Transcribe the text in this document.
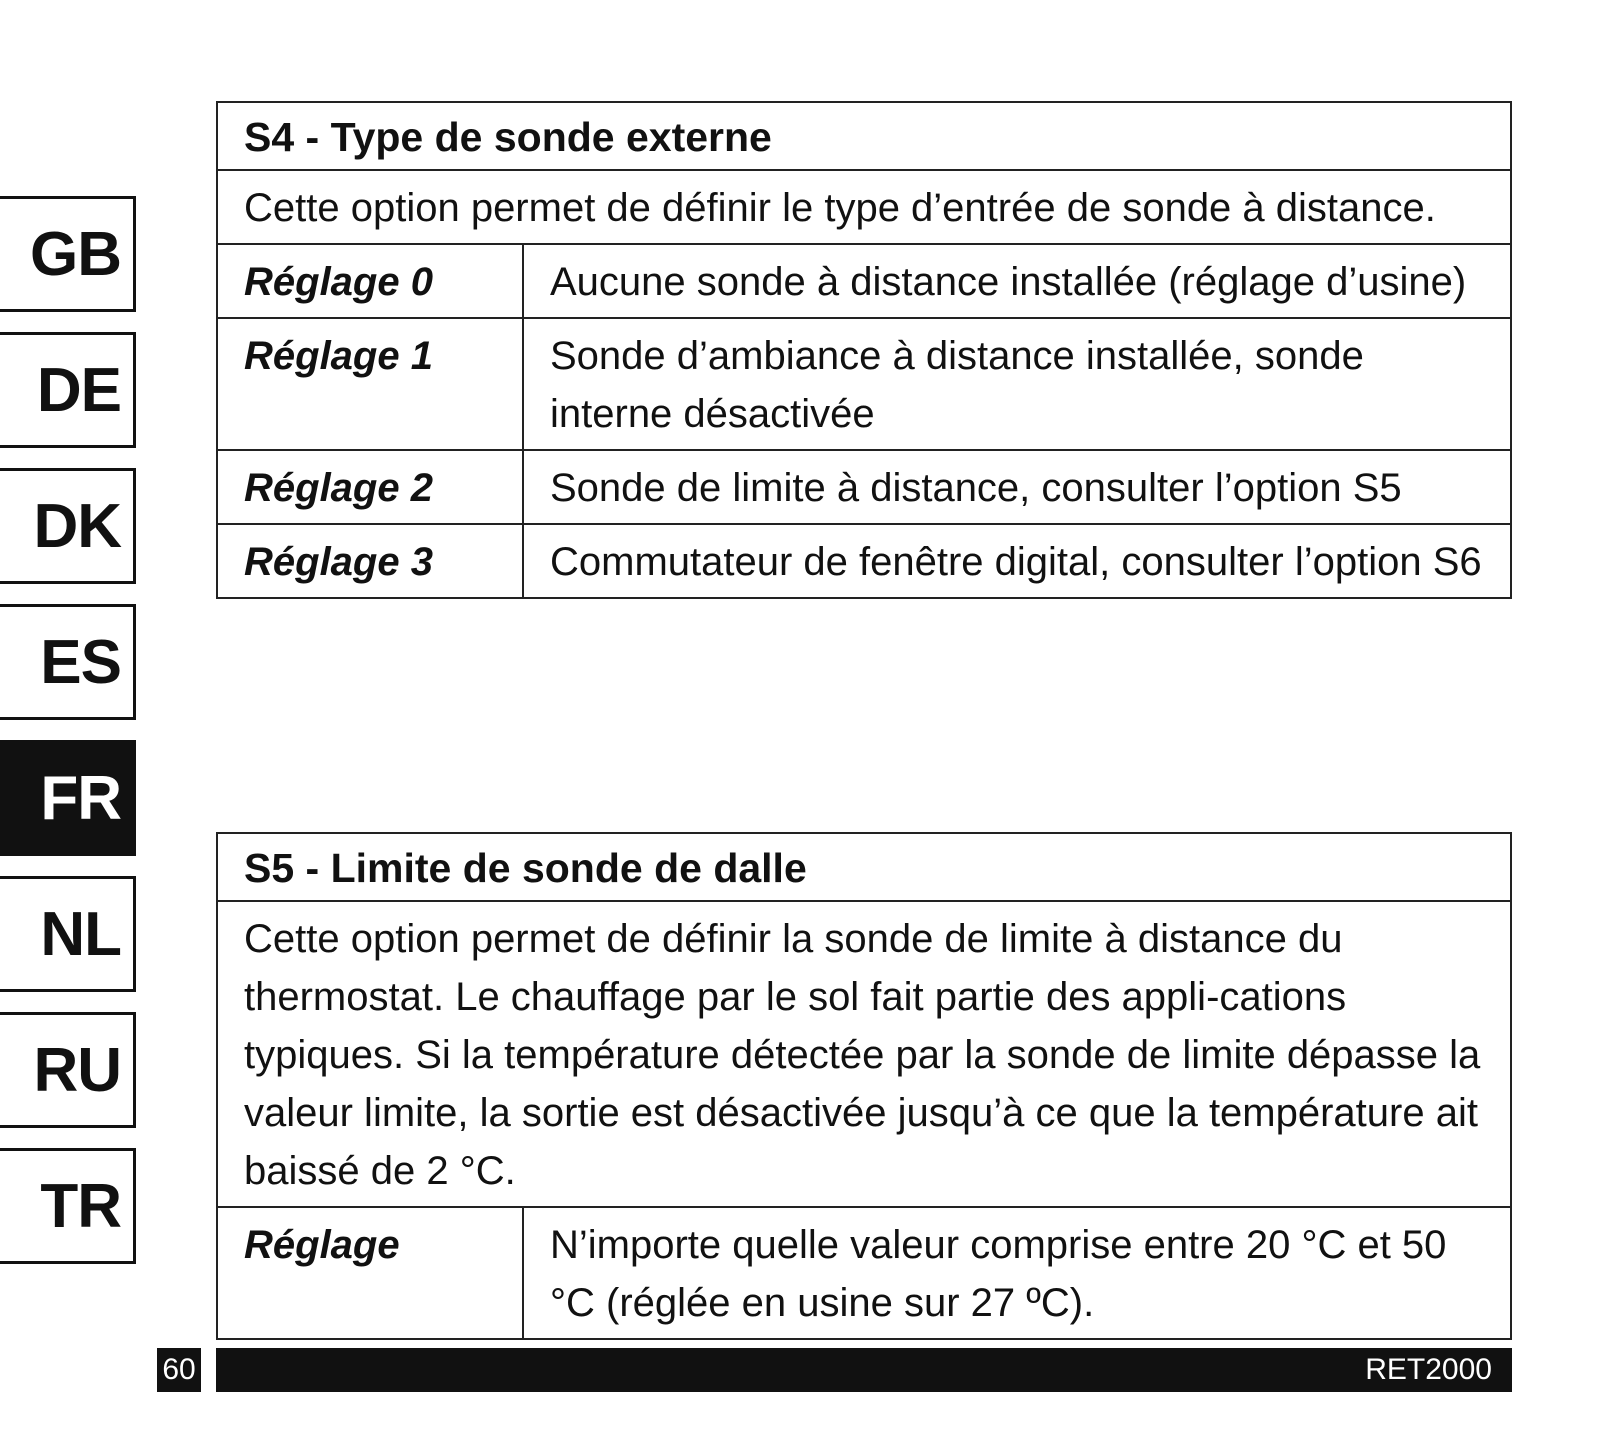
GB
DE
DK
ES
FR
NL
RU
TR
S4 - Type de sonde externe
Cette option permet de définir le type d’entrée de sonde à distance.
Réglage 0	Aucune sonde à distance installée (réglage d’usine)
Réglage 1	Sonde d’ambiance à distance installée, sonde interne désactivée
Réglage 2	Sonde de limite à distance, consulter l’option S5
Réglage 3	Commutateur de fenêtre digital, consulter l’option S6
S5 - Limite de sonde de dalle
Cette option permet de définir la sonde de limite à distance du thermostat. Le chauffage par le sol fait partie des appli-cations typiques. Si la température détectée par la sonde de limite dépasse la valeur limite, la sortie est désactivée jusqu’à ce que la température ait baissé de 2 °C.
Réglage	N’importe quelle valeur comprise entre 20 °C et 50 °C (réglée en usine sur 27 ºC).
60	RET2000
